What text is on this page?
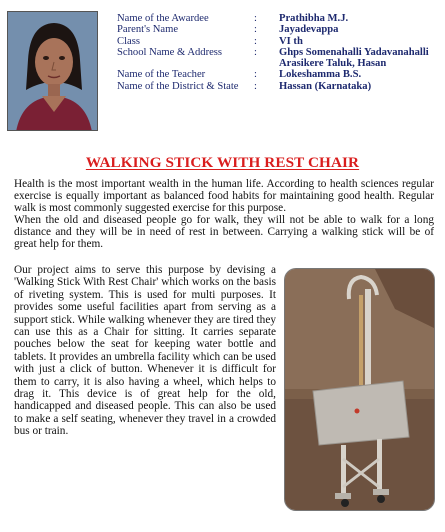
Name of the Awardee	:	Prathibha M.J.
Parent's Name	:	Jayadevappa
Class	:	VI th
School Name & Address	:	Ghps Somenahalli Yadavanahalli
Arasikere Taluk, Hasan
Name of the Teacher	:	Lokeshamma B.S.
Name of the District & State	:	Hassan (Karnataka)
WALKING STICK WITH REST CHAIR

Health is the most important wealth in the human life. According to health sciences regular exercise is equally important as balanced food habits for maintaining good health. Regular walk is most commonly suggested exercise for this purpose.

When the old and diseased people go for walk, they will not be able to walk for a long distance and they will be in need of rest in between. Carrying a walking stick will be of great help for them.

Our project aims to serve this purpose by devising a 'Walking Stick With Rest Chair' which works on the basis of riveting system. This is used for multi purposes. It provides some useful facilities apart from serving as a support stick. While walking whenever they are tired they can use this as a Chair for sitting. It carries separate pouches below the seat for keeping water bottle and tablets. It provides an umbrella facility which can be used with just a click of button. Whenever it is difficult for them to carry, it is also having a wheel, which helps to drag it. This device is of great help for the old, handicapped and diseased people. This can also be used to make a self seating, whenever they travel in a crowded bus or train.
